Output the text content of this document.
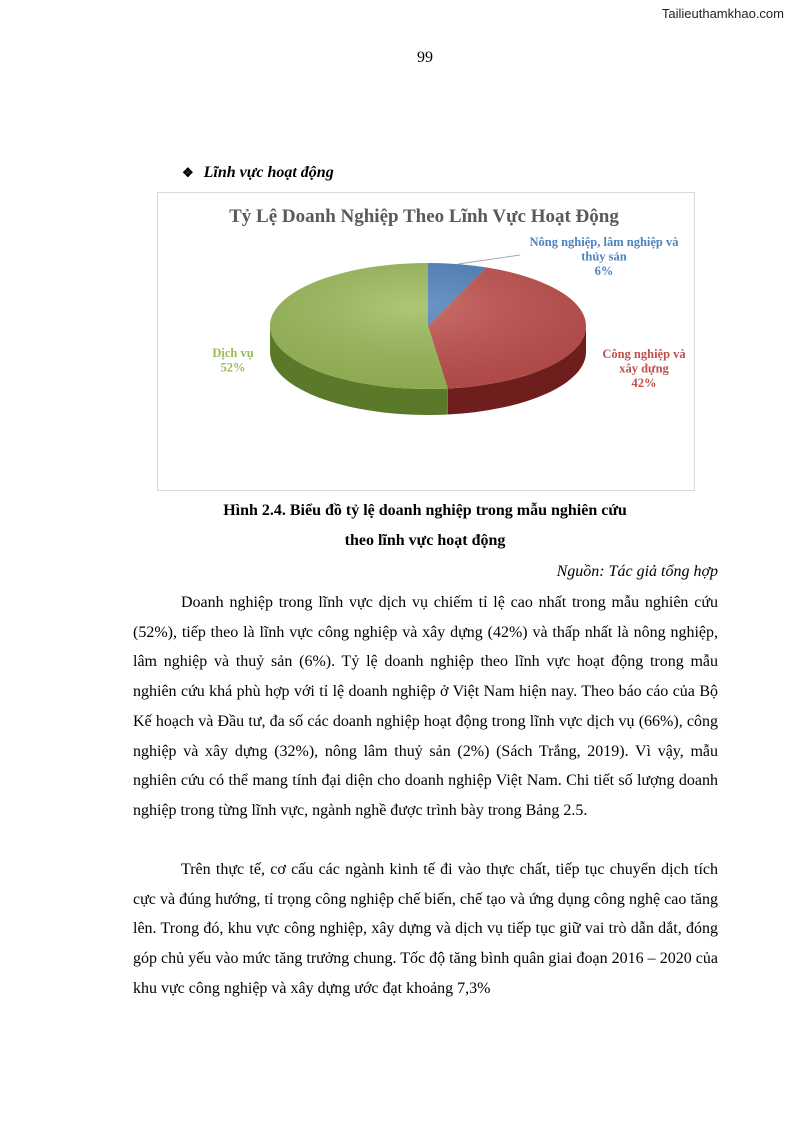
Tailieuthamkhao.com
99
❖ Lĩnh vực hoạt động
Tỷ Lệ Doanh Nghiệp Theo Lĩnh Vực Hoạt Động
Nông nghiệp, lâm nghiệp và thủy sản 6%
Công nghiệp và xây dựng 42%
Dịch vụ 52%
Hình 2.4. Biểu đồ tỷ lệ doanh nghiệp trong mẫu nghiên cứu
theo lĩnh vực hoạt động
Nguồn: Tác giả tổng hợp

Doanh nghiệp trong lĩnh vực dịch vụ chiếm tỉ lệ cao nhất trong mẫu nghiên cứu (52%), tiếp theo là lĩnh vực công nghiệp và xây dựng (42%) và thấp nhất là nông nghiệp, lâm nghiệp và thuỷ sản (6%). Tỷ lệ doanh nghiệp theo lĩnh vực hoạt động trong mẫu nghiên cứu khá phù hợp với tỉ lệ doanh nghiệp ở Việt Nam hiện nay. Theo báo cáo của Bộ Kế hoạch và Đầu tư, đa số các doanh nghiệp hoạt động trong lĩnh vực dịch vụ (66%), công nghiệp và xây dựng (32%), nông lâm thuỷ sản (2%) (Sách Trắng, 2019). Vì vậy, mẫu nghiên cứu có thể mang tính đại diện cho doanh nghiệp Việt Nam. Chi tiết số lượng doanh nghiệp trong từng lĩnh vực, ngành nghề được trình bày trong Bảng 2.5.

Trên thực tế, cơ cấu các ngành kinh tế đi vào thực chất, tiếp tục chuyển dịch tích cực và đúng hướng, tỉ trọng công nghiệp chế biến, chế tạo và ứng dụng công nghệ cao tăng lên. Trong đó, khu vực công nghiệp, xây dựng và dịch vụ tiếp tục giữ vai trò dẫn dắt, đóng góp chủ yếu vào mức tăng trưởng chung. Tốc độ tăng bình quân giai đoạn 2016 – 2020 của khu vực công nghiệp và xây dựng ước đạt khoảng 7,3%
